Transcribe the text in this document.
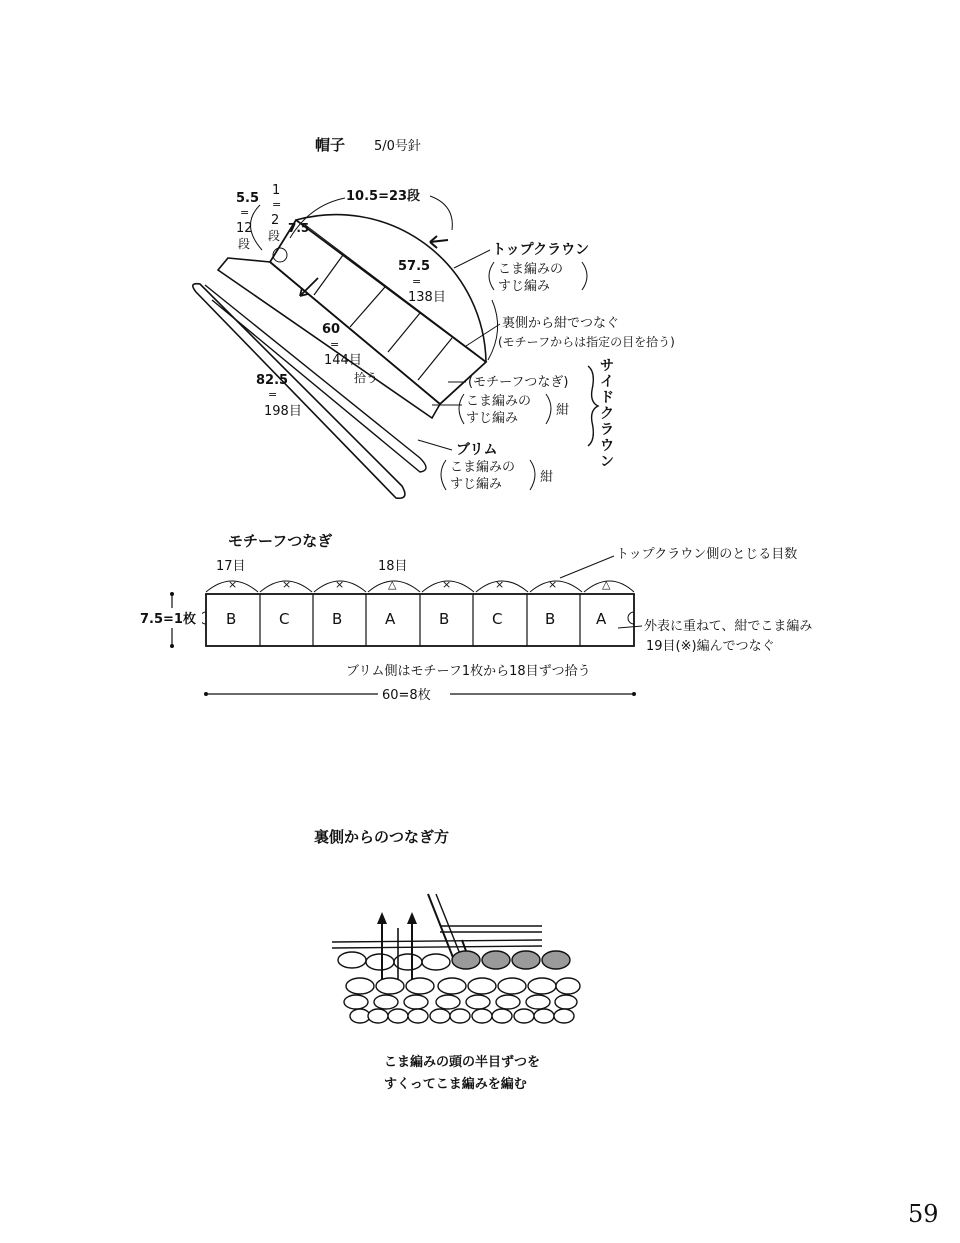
帽子 5/0号針
5.5
=
12
段
1
=
2
段
7.5
10.5=23段
57.5
=
138目
60
=
144目
拾う
82.5
=
198目
トップクラウン
こま編みの
すじ編み
裏側から紺でつなぐ
(モチーフからは指定の目を拾う)
(モチーフつなぎ)
こま編みの
すじ編み
紺
サイドクラウン
ブリム
こま編みの
すじ編み	紺
モチーフつなぎ
17目	18目
トップクラウン側のとじる目数
B	C	B	A	B	C	B	A
×	×	×	△	×	×	×	△
7.5=1枚	外表に重ねて、紺でこま編み
19目(※)編んでつなぐ
ブリム側はモチーフ1枚から18目ずつ拾う
60=8枚
裏側からのつなぎ方
こま編みの頭の半目ずつを
すくってこま編みを編む
59
